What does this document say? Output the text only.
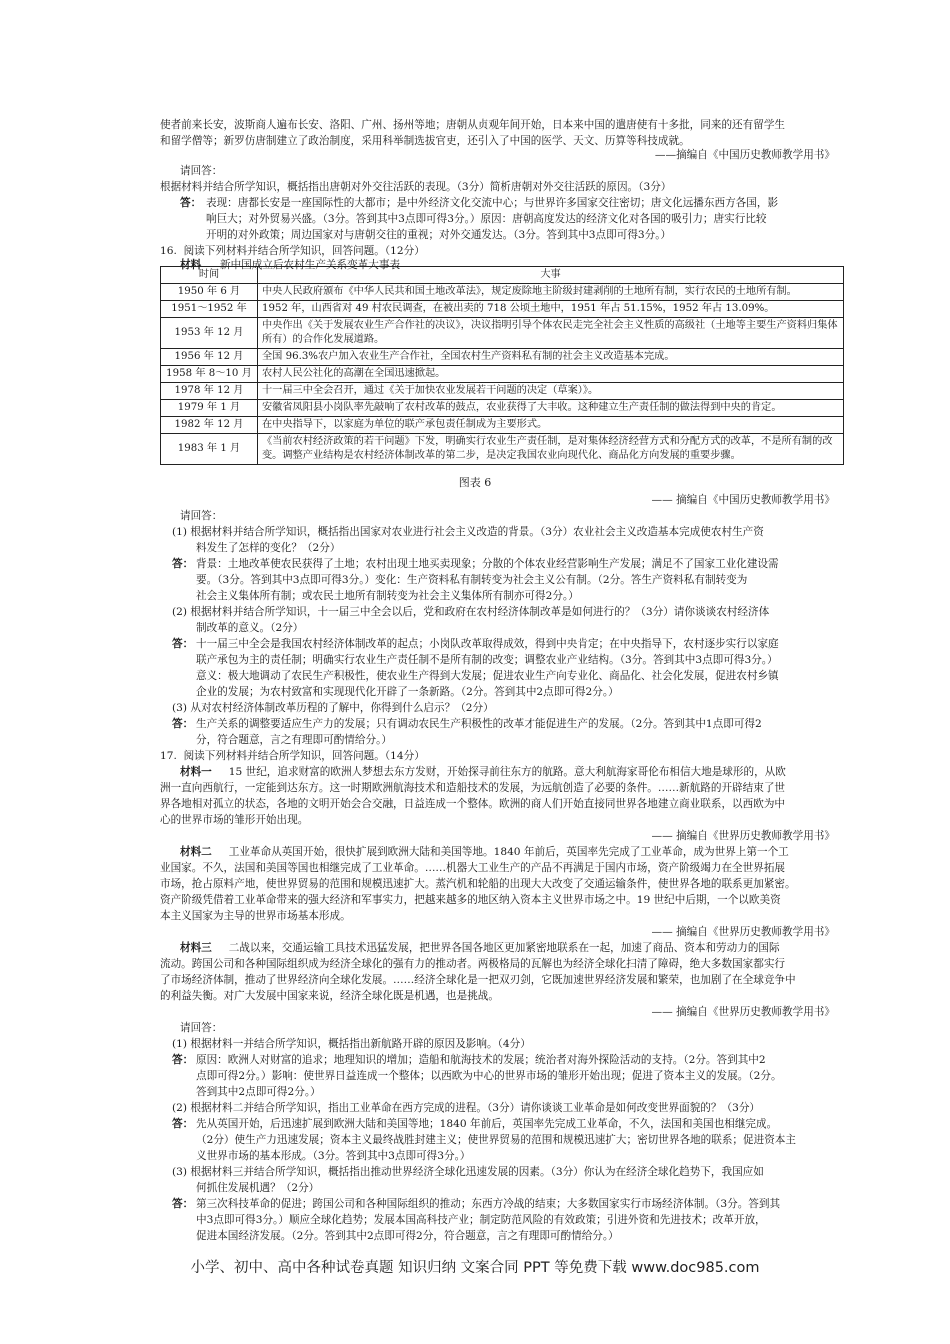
使者前来长安，波斯商人遍布长安、洛阳、广州、扬州等地；唐朝从贞观年间开始，日本来中国的遣唐使有十多批，同来的还有留学生
和留学僧等；新罗仿唐制建立了政治制度，采用科举制选拔官吏，还引入了中国的医学、天文、历算等科技成就。
——摘编自《中国历史教师教学用书》
请回答：
根据材料并结合所学知识，概括指出唐朝对外交往活跃的表现。（3分）简析唐朝对外交往活跃的原因。（3分）
答： 表现：唐都长安是一座国际性的大都市；是中外经济文化交流中心；与世界许多国家交往密切；唐文化远播东西方各国，影
响巨大；对外贸易兴盛。（3分。答到其中3点即可得3分。）原因：唐朝高度发达的经济文化对各国的吸引力；唐实行比较
开明的对外政策；周边国家对与唐朝交往的重视；对外交通发达。（3分。答到其中3点即可得3分。）
16.  阅读下列材料并结合所学知识，回答问题。（12分）
材料 新中国成立后农村生产关系变革大事表
时间	大事
1950 年 6 月	中央人民政府颁布《中华人民共和国土地改革法》，规定废除地主阶级封建剥削的土地所有制，实行农民的土地所有制。
1951～1952 年	1952 年，山西省对 49 村农民调查，在被出卖的 718 公顷土地中，1951 年占 51.15%，1952 年占 13.09%。
1953 年 12 月	中央作出《关于发展农业生产合作社的决议》，决议指明引导个体农民走完全社会主义性质的高级社（土地等主要生产资料归集体所有）的合作化发展道路。
1956 年 12 月	全国 96.3%农户加入农业生产合作社，全国农村生产资料私有制的社会主义改造基本完成。
1958 年 8～10 月	农村人民公社化的高潮在全国迅速掀起。
1978 年 12 月	十一届三中全会召开，通过《关于加快农业发展若干问题的决定（草案）》。
1979 年 1 月	安徽省凤阳县小岗队率先敲响了农村改革的鼓点，农业获得了大丰收。这种建立生产责任制的做法得到中央的肯定。
1982 年 12 月	在中央指导下，以家庭为单位的联产承包责任制成为主要形式。
1983 年 1 月	《当前农村经济政策的若干问题》下发，明确实行农业生产责任制，是对集体经济经营方式和分配方式的改革，不是所有制的改变。调整产业结构是农村经济体制改革的第二步，是决定我国农业向现代化、商品化方向发展的重要步骤。
图表 6
—— 摘编自《中国历史教师教学用书》
请回答：
(1) 根据材料并结合所学知识，概括指出国家对农业进行社会主义改造的背景。（3分）农业社会主义改造基本完成使农村生产资
料发生了怎样的变化？（2分）
答： 背景：土地改革使农民获得了土地；农村出现土地买卖现象；分散的个体农业经营影响生产发展；满足不了国家工业化建设需
要。（3分。答到其中3点即可得3分。）变化：生产资料私有制转变为社会主义公有制。（2分。答生产资料私有制转变为
社会主义集体所有制；或农民土地所有制转变为社会主义集体所有制亦可得2分。）
(2) 根据材料并结合所学知识，十一届三中全会以后，党和政府在农村经济体制改革是如何进行的？（3分）请你谈谈农村经济体
制改革的意义。（2分）
答： 十一届三中全会是我国农村经济体制改革的起点；小岗队改革取得成效，得到中央肯定；在中央指导下，农村逐步实行以家庭
联产承包为主的责任制；明确实行农业生产责任制不是所有制的改变；调整农业产业结构。（3分。答到其中3点即可得3分。）
意义：极大地调动了农民生产积极性，使农业生产得到大发展；促进农业生产向专业化、商品化、社会化发展，促进农村乡镇
企业的发展；为农村致富和实现现代化开辟了一条新路。（2分。答到其中2点即可得2分。）
(3) 从对农村经济体制改革历程的了解中，你得到什么启示？（2分）
答： 生产关系的调整要适应生产力的发展；只有调动农民生产积极性的改革才能促进生产的发展。（2分。答到其中1点即可得2
分，符合题意，言之有理即可酌情给分。）
17.  阅读下列材料并结合所学知识，回答问题。（14分）
材料一 15 世纪，追求财富的欧洲人梦想去东方发财，开始探寻前往东方的航路。意大利航海家哥伦布相信大地是球形的，从欧
洲一直向西航行，一定能到达东方。这一时期欧洲航海技术和造船技术的发展，为远航创造了必要的条件。……新航路的开辟结束了世
界各地相对孤立的状态，各地的文明开始会合交融，日益连成一个整体。欧洲的商人们开始直接同世界各地建立商业联系，以西欧为中
心的世界市场的雏形开始出现。
—— 摘编自《世界历史教师教学用书》
材料二 工业革命从英国开始，很快扩展到欧洲大陆和美国等地。1840 年前后，英国率先完成了工业革命，成为世界上第一个工
业国家。不久，法国和美国等国也相继完成了工业革命。……机器大工业生产的产品不再满足于国内市场，资产阶级竭力在全世界拓展
市场，抢占原料产地，使世界贸易的范围和规模迅速扩大。蒸汽机和轮船的出现大大改变了交通运输条件，使世界各地的联系更加紧密。
资产阶级凭借着工业革命带来的强大经济和军事实力，把越来越多的地区纳入资本主义世界市场之中。19 世纪中后期，一个以欧美资
本主义国家为主导的世界市场基本形成。
—— 摘编自《世界历史教师教学用书》
材料三 二战以来，交通运输工具技术迅猛发展，把世界各国各地区更加紧密地联系在一起，加速了商品、资本和劳动力的国际
流动。跨国公司和各种国际组织成为经济全球化的强有力的推动者。两极格局的瓦解也为经济全球化扫清了障碍，绝大多数国家都实行
了市场经济体制，推动了世界经济向全球化发展。……经济全球化是一把双刃剑，它既加速世界经济发展和繁荣，也加剧了在全球竞争中
的利益失衡。对广大发展中国家来说，经济全球化既是机遇，也是挑战。
—— 摘编自《世界历史教师教学用书》
请回答：
(1) 根据材料一并结合所学知识，概括指出新航路开辟的原因及影响。（4分）
答： 原因：欧洲人对财富的追求；地理知识的增加；造船和航海技术的发展；统治者对海外探险活动的支持。（2分。答到其中2
点即可得2分。）影响：使世界日益连成一个整体；以西欧为中心的世界市场的雏形开始出现；促进了资本主义的发展。（2分。
答到其中2点即可得2分。）
(2) 根据材料二并结合所学知识，指出工业革命在西方完成的进程。（3分）请你谈谈工业革命是如何改变世界面貌的？（3分）
答： 先从英国开始，后迅速扩展到欧洲大陆和美国等地；1840 年前后，英国率先完成工业革命，不久，法国和美国也相继完成。
（2分）使生产力迅速发展；资本主义最终战胜封建主义；使世界贸易的范围和规模迅速扩大；密切世界各地的联系；促进资本主
义世界市场的基本形成。（3分。答到其中3点即可得3分。）
(3) 根据材料三并结合所学知识，概括指出推动世界经济全球化迅速发展的因素。（3分）你认为在经济全球化趋势下，我国应如
何抓住发展机遇？（2分）
答： 第三次科技革命的促进；跨国公司和各种国际组织的推动；东西方冷战的结束；大多数国家实行市场经济体制。（3分。答到其
中3点即可得3分。）顺应全球化趋势；发展本国高科技产业；制定防范风险的有效政策；引进外资和先进技术；改革开放，
促进本国经济发展。（2分。答到其中2点即可得2分，符合题意，言之有理即可酌情给分。）
小学、初中、高中各种试卷真题 知识归纳 文案合同 PPT 等免费下载 www.doc985.com
